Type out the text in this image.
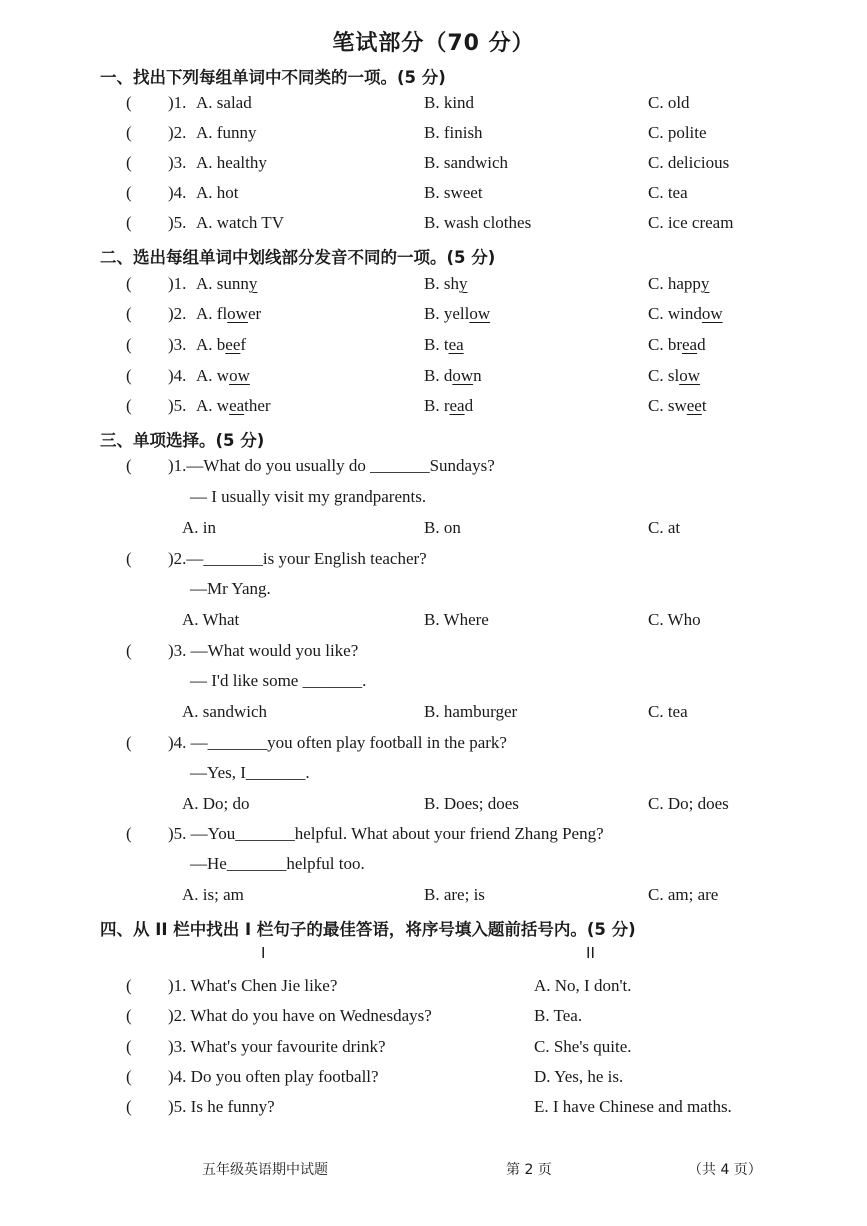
笔试部分（70 分）
一、找出下列每组单词中不同类的一项。(5 分)
( )1. A. salad	B. kind	C. old
( )2. A. funny	B. finish	C. polite
( )3. A. healthy	B. sandwich	C. delicious
( )4. A. hot	B. sweet	C. tea
( )5. A. watch TV	B. wash clothes	C. ice cream
二、选出每组单词中划线部分发音不同的一项。(5 分)
( )1. A. sunny	B. shy	C. happy
( )2. A. flower	B. yellow	C. window
( )3. A. beef	B. tea	C. bread
( )4. A. wow	B. down	C. slow
( )5. A. weather	B. read	C. sweet
三、单项选择。(5 分)
( )1.—What do you usually do _______Sundays?
— I usually visit my grandparents.
A. in	B. on	C. at
( )2.—_______is your English teacher?
—Mr Yang.
A. What	B. Where	C. Who
( )3. —What would you like?
— I'd like some _______.
A. sandwich	B. hamburger	C. tea
( )4. —_______you often play football in the park?
—Yes, I_______.
A. Do; do	B. Does; does	C. Do; does
( )5. —You_______helpful. What about your friend Zhang Peng?
—He_______helpful too.
A. is; am	B. are; is	C. am; are
四、从 II 栏中找出 I 栏句子的最佳答语，将序号填入题前括号内。(5 分)
I	II
( )1. What's Chen Jie like?	A. No, I don't.
( )2. What do you have on Wednesdays?	B. Tea.
( )3. What's your favourite drink?	C. She's quite.
( )4. Do you often play football?	D. Yes, he is.
( )5. Is he funny?	E. I have Chinese and maths.
五年级英语期中试题	第 2 页	（共 4 页）
